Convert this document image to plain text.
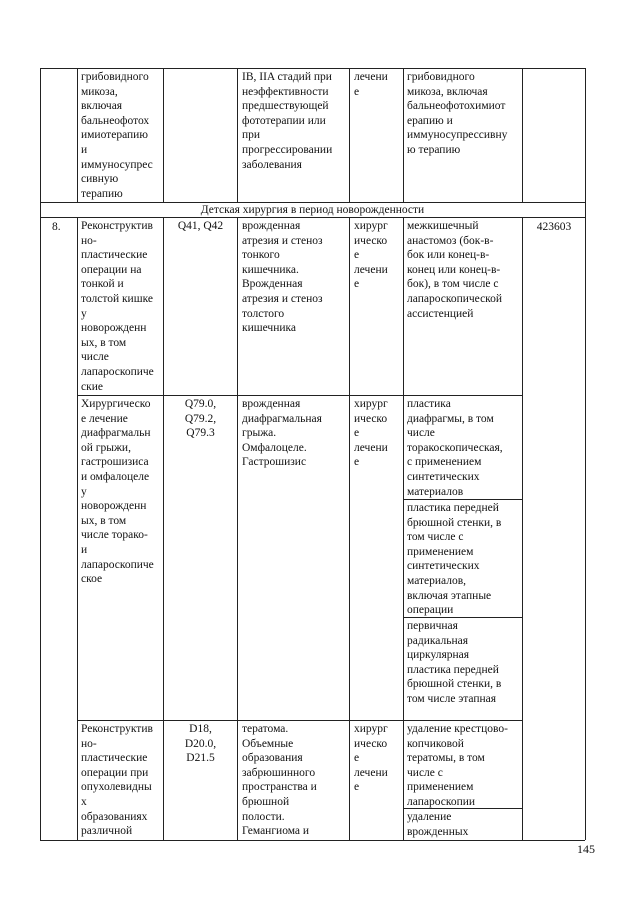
грибовидного
микоза,
включая
бальнеофотох
имиотерапию
и
иммуносупрес
сивную
терапию
IB, IIA стадий при
неэффективности
предшествующей
фототерапии или
при
прогрессировании
заболевания
лечени
е
грибовидного
микоза, включая
бальнеофотохимиот
ерапию и
иммуносупрессивну
ю терапию
Детская хирургия в период новорожденности
8.	423603
Реконструктив
но-
пластические
операции на
тонкой и
толстой кишке
у
новорожденн
ых, в том
числе
лапароскопиче
ские
Q41, Q42	врожденная
атрезия и стеноз
тонкого
кишечника.
Врожденная
атрезия и стеноз
толстого
кишечника
хирург
ическо
е
лечени
е
межкишечный
анастомоз (бок-в-
бок или конец-в-
конец или конец-в-
бок), в том числе с
лапароскопической
ассистенцией
Хирургическо
е лечение
диафрагмальн
ой грыжи,
гастрошизиса
и омфалоцеле
у
новорожденн
ых, в том
числе торако-
и
лапароскопиче
ское
Q79.0,
Q79.2,
Q79.3
врожденная
диафрагмальная
грыжа.
Омфалоцеле.
Гастрошизис
хирург
ическо
е
лечени
е
пластика
диафрагмы, в том
числе
торакоскопическая,
с применением
синтетических
материалов
пластика передней
брюшной стенки, в
том числе с
применением
синтетических
материалов,
включая этапные
операции
первичная
радикальная
циркулярная
пластика передней
брюшной стенки, в
том числе этапная
Реконструктив
но-
пластические
операции при
опухолевидны
х
образованиях
различной
D18,
D20.0,
D21.5
тератома.
Объемные
образования
забрюшинного
пространства и
брюшной
полости.
Гемангиома и
хирург
ическо
е
лечени
е
удаление крестцово-
копчиковой
тератомы, в том
числе с
применением
лапароскопии
удаление
врожденных
145
